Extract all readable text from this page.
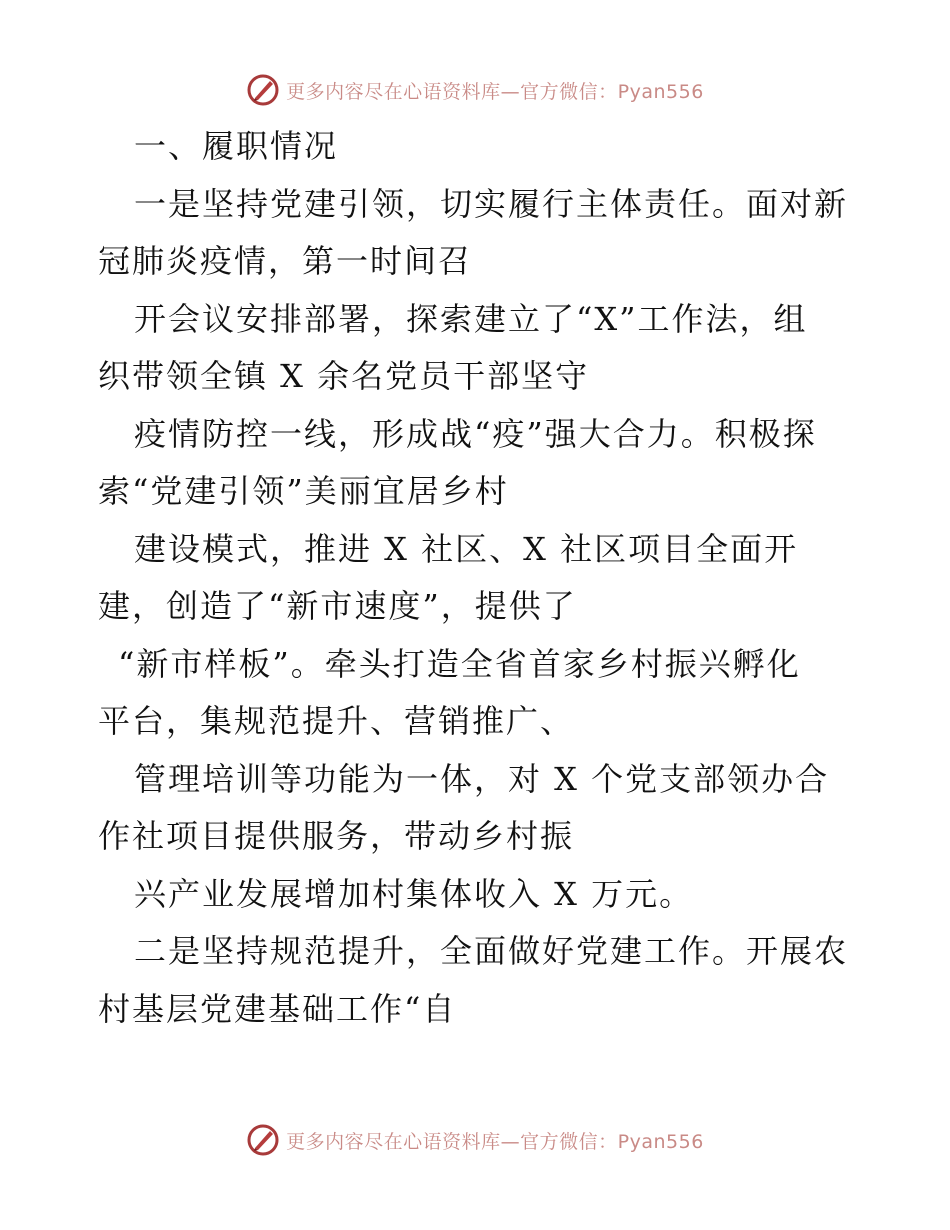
更多内容尽在心语资料库—官方微信：Pyan556
一、履职情况
一是坚持党建引领，切实履行主体责任。面对新
冠肺炎疫情，第一时间召
开会议安排部署，探索建立了“X”工作法，组
织带领全镇 X 余名党员干部坚守
疫情防控一线，形成战“疫”强大合力。积极探
索“党建引领”美丽宜居乡村
建设模式，推进 X 社区、X 社区项目全面开
建，创造了“新市速度”，提供了
“新市样板”。牵头打造全省首家乡村振兴孵化
平台，集规范提升、营销推广、
管理培训等功能为一体，对 X 个党支部领办合
作社项目提供服务，带动乡村振
兴产业发展增加村集体收入 X 万元。
二是坚持规范提升，全面做好党建工作。开展农
村基层党建基础工作“自
更多内容尽在心语资料库—官方微信：Pyan556
